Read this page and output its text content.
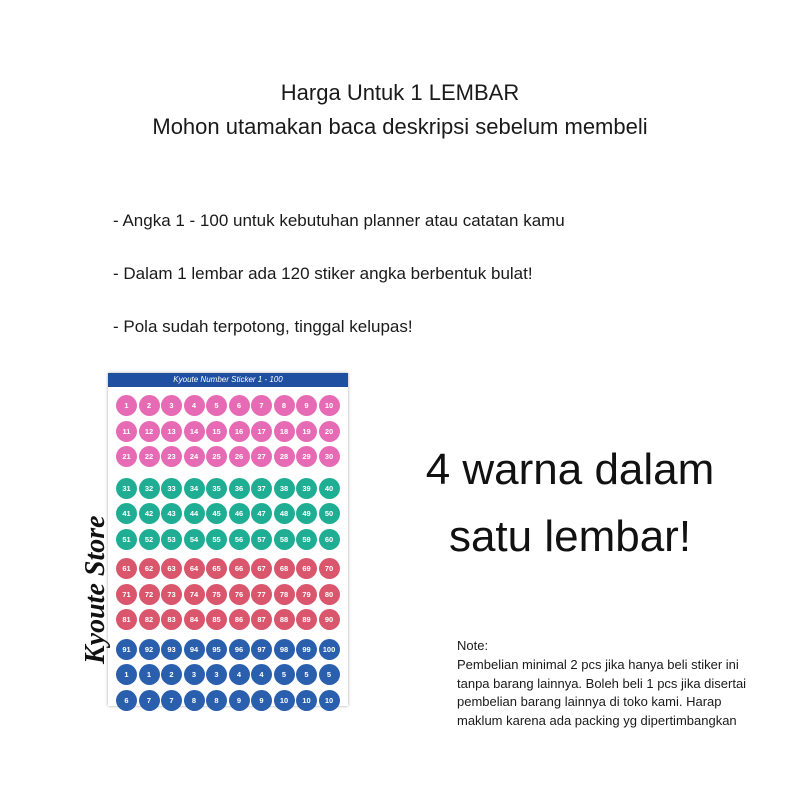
Harga Untuk 1 LEMBAR
Mohon utamakan baca deskripsi sebelum membeli
- Angka 1 - 100 untuk kebutuhan planner atau catatan kamu
- Dalam 1 lembar ada 120 stiker angka berbentuk bulat!
- Pola sudah terpotong, tinggal kelupas!
Kyoute Number Sticker 1 - 100
1	2	3	4	5	6	7	8	9	10
11	12	13	14	15	16	17	18	19	20
21	22	23	24	25	26	27	28	29	30
31	32	33	34	35	36	37	38	39	40
41	42	43	44	45	46	47	48	49	50
51	52	53	54	55	56	57	58	59	60
61	62	63	64	65	66	67	68	69	70
71	72	73	74	75	76	77	78	79	80
81	82	83	84	85	86	87	88	89	90
91	92	93	94	95	96	97	98	99	100
1	1	2	3	3	4	4	5	5	5
6	7	7	8	8	9	9	10	10	10
Kyoute Store
4 warna dalam
satu lembar!
Note:
Pembelian minimal 2 pcs jika hanya beli stiker ini tanpa barang lainnya. Boleh beli 1 pcs jika disertai pembelian barang lainnya di toko kami. Harap maklum karena ada packing yg dipertimbangkan
